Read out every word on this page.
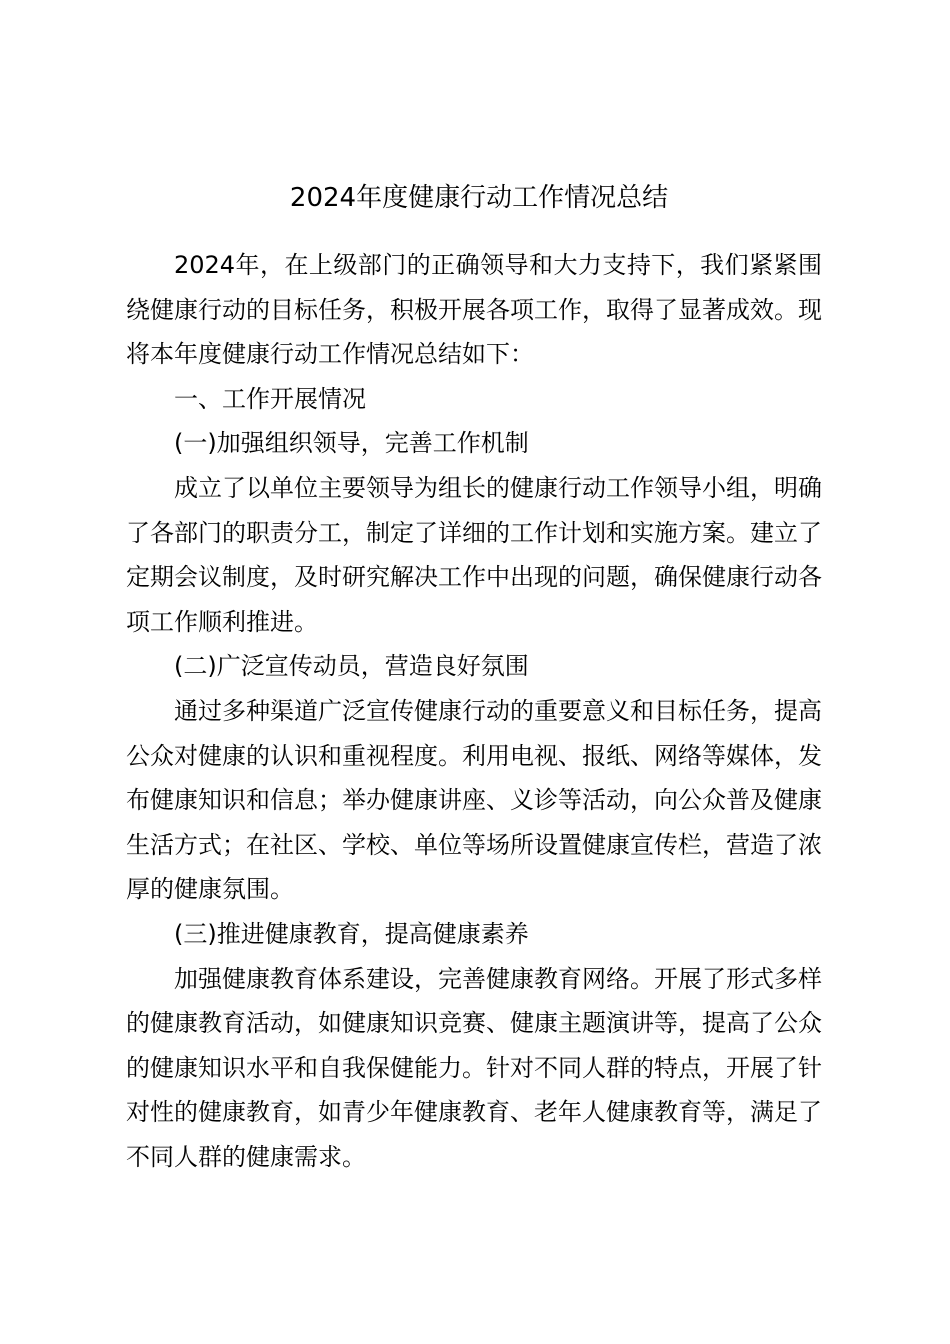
2024年度健康行动工作情况总结

2024年，在上级部门的正确领导和大力支持下，我们紧紧围绕健康行动的目标任务，积极开展各项工作，取得了显著成效。现将本年度健康行动工作情况总结如下：

一、工作开展情况

(一)加强组织领导，完善工作机制

成立了以单位主要领导为组长的健康行动工作领导小组，明确了各部门的职责分工，制定了详细的工作计划和实施方案。建立了定期会议制度，及时研究解决工作中出现的问题，确保健康行动各项工作顺利推进。

(二)广泛宣传动员，营造良好氛围

通过多种渠道广泛宣传健康行动的重要意义和目标任务，提高公众对健康的认识和重视程度。利用电视、报纸、网络等媒体，发布健康知识和信息；举办健康讲座、义诊等活动，向公众普及健康生活方式；在社区、学校、单位等场所设置健康宣传栏，营造了浓厚的健康氛围。

(三)推进健康教育，提高健康素养

加强健康教育体系建设，完善健康教育网络。开展了形式多样的健康教育活动，如健康知识竞赛、健康主题演讲等，提高了公众的健康知识水平和自我保健能力。针对不同人群的特点，开展了针对性的健康教育，如青少年健康教育、老年人健康教育等，满足了不同人群的健康需求。
